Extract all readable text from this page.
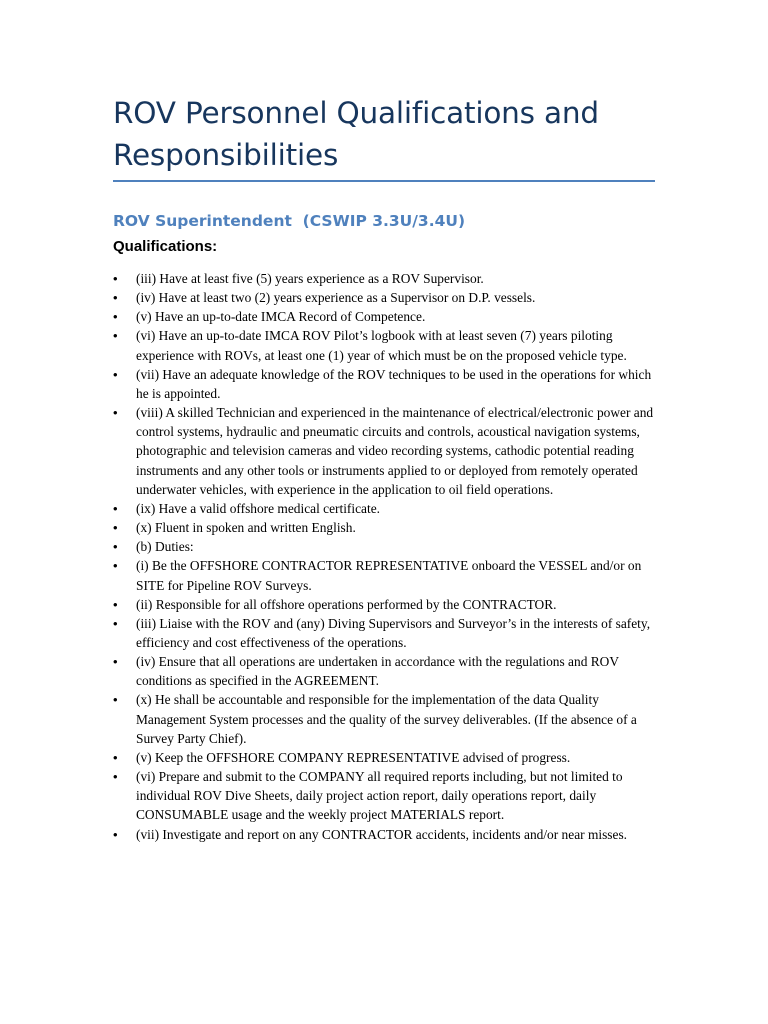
ROV Personnel Qualifications and Responsibilities
ROV Superintendent  (CSWIP 3.3U/3.4U)
Qualifications:
• (iii) Have at least five (5) years experience as a ROV Supervisor.
• (iv) Have at least two (2) years experience as a Supervisor on D.P. vessels.
• (v) Have an up-to-date IMCA Record of Competence.
• (vi) Have an up-to-date IMCA ROV Pilot’s logbook with at least seven (7) years piloting experience with ROVs, at least one (1) year of which must be on the proposed vehicle type.
• (vii) Have an adequate knowledge of the ROV techniques to be used in the operations for which he is appointed.
• (viii) A skilled Technician and experienced in the maintenance of electrical/electronic power and control systems, hydraulic and pneumatic circuits and controls, acoustical navigation systems, photographic and television cameras and video recording systems, cathodic potential reading instruments and any other tools or instruments applied to or deployed from remotely operated underwater vehicles, with experience in the application to oil field operations.
• (ix) Have a valid offshore medical certificate.
• (x) Fluent in spoken and written English.
• (b) Duties:
• (i) Be the OFFSHORE CONTRACTOR REPRESENTATIVE onboard the VESSEL and/or on SITE for Pipeline ROV Surveys.
• (ii) Responsible for all offshore operations performed by the CONTRACTOR.
• (iii) Liaise with the ROV and (any) Diving Supervisors and Surveyor’s in the interests of safety, efficiency and cost effectiveness of the operations.
• (iv) Ensure that all operations are undertaken in accordance with the regulations and ROV conditions as specified in the AGREEMENT.
• (x) He shall be accountable and responsible for the implementation of the data Quality Management System processes and the quality of the survey deliverables. (If the absence of a Survey Party Chief).
• (v) Keep the OFFSHORE COMPANY REPRESENTATIVE advised of progress.
• (vi) Prepare and submit to the COMPANY all required reports including, but not limited to individual ROV Dive Sheets, daily project action report, daily operations report, daily CONSUMABLE usage and the weekly project MATERIALS report.
• (vii) Investigate and report on any CONTRACTOR accidents, incidents and/or near misses.
